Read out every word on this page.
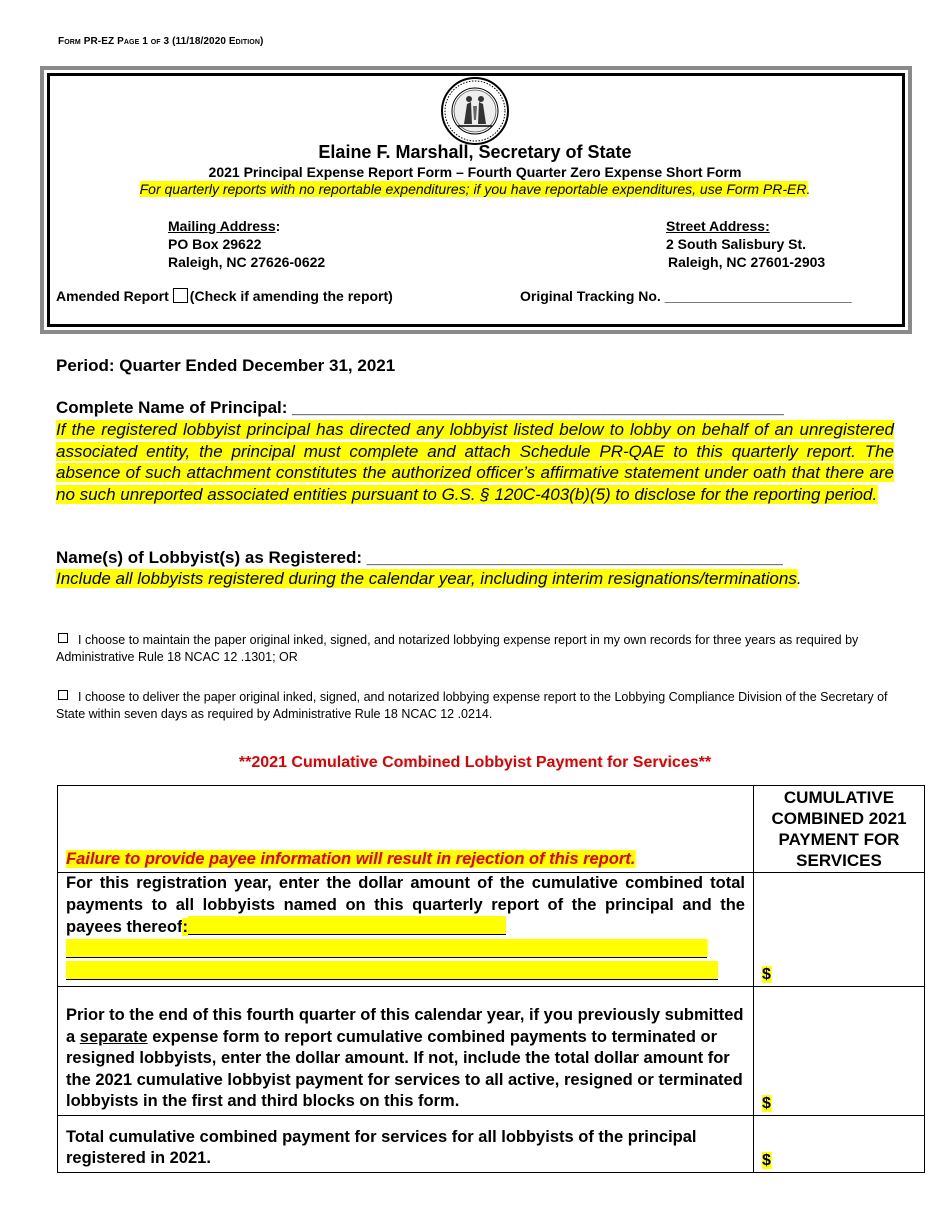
Form PR-EZ Page 1 of 3 (11/18/2020 Edition)
Elaine F. Marshall, Secretary of State
2021 Principal Expense Report Form – Fourth Quarter Zero Expense Short Form
For quarterly reports with no reportable expenditures; if you have reportable expenditures, use Form PR-ER.
Mailing Address:
PO Box 29622
Raleigh, NC 27626-0622
Street Address:
2 South Salisbury St.
Raleigh, NC 27601-2903
Amended Report (Check if amending the report)	Original Tracking No. ________________________
Period: Quarter Ended December 31, 2021
Complete Name of Principal: ____________________________________________________
If the registered lobbyist principal has directed any lobbyist listed below to lobby on behalf of an unregistered associated entity, the principal must complete and attach Schedule PR-QAE to this quarterly report. The absence of such attachment constitutes the authorized officer’s affirmative statement under oath that there are no such unreported associated entities pursuant to G.S. § 120C-403(b)(5) to disclose for the reporting period.
Name(s) of Lobbyist(s) as Registered: ____________________________________________
Include all lobbyists registered during the calendar year, including interim resignations/terminations.
I choose to maintain the paper original inked, signed, and notarized lobbying expense report in my own records for three years as required by Administrative Rule 18 NCAC 12 .1301; OR
I choose to deliver the paper original inked, signed, and notarized lobbying expense report to the Lobbying Compliance Division of the Secretary of State within seven days as required by Administrative Rule 18 NCAC 12 .0214.
**2021 Cumulative Combined Lobbyist Payment for Services**
Failure to provide payee information will result in rejection of this report.	CUMULATIVE COMBINED 2021 PAYMENT FOR SERVICES
For this registration year, enter the dollar amount of the cumulative combined total payments to all lobbyists named on this quarterly report of the principal and the payees thereof:	$
Prior to the end of this fourth quarter of this calendar year, if you previously submitted a separate expense form to report cumulative combined payments to terminated or resigned lobbyists, enter the dollar amount. If not, include the total dollar amount for the 2021 cumulative lobbyist payment for services to all active, resigned or terminated lobbyists in the first and third blocks on this form.	$
Total cumulative combined payment for services for all lobbyists of the principal registered in 2021.	$
